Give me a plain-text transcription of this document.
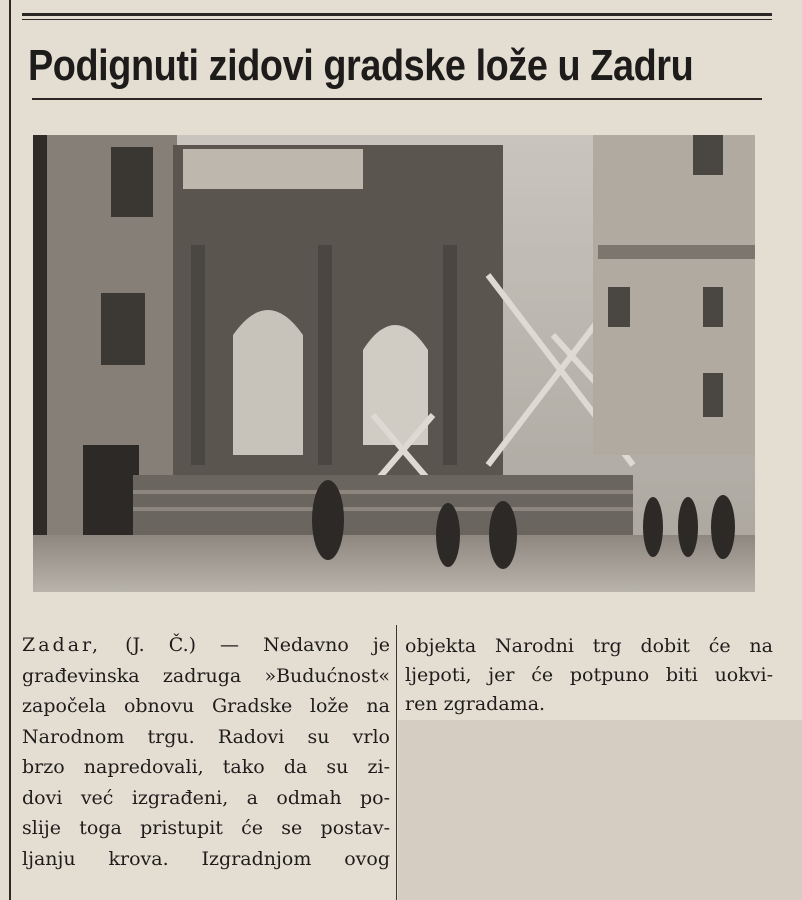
Podignuti zidovi gradske lože u Zadru

Zadar, (J. Č.) — Nedavno je
građevinska zadruga »Budućnost«
započela obnovu Gradske lože na
Narodnom trgu. Radovi su vrlo
brzo napredovali, tako da su zi-
dovi već izgrađeni, a odmah po-
slije toga pristupit će se postav-
ljanju krova. Izgradnjom ovog

objekta Narodni trg dobit će na
ljepoti, jer će potpuno biti uokvi-
ren zgradama.
